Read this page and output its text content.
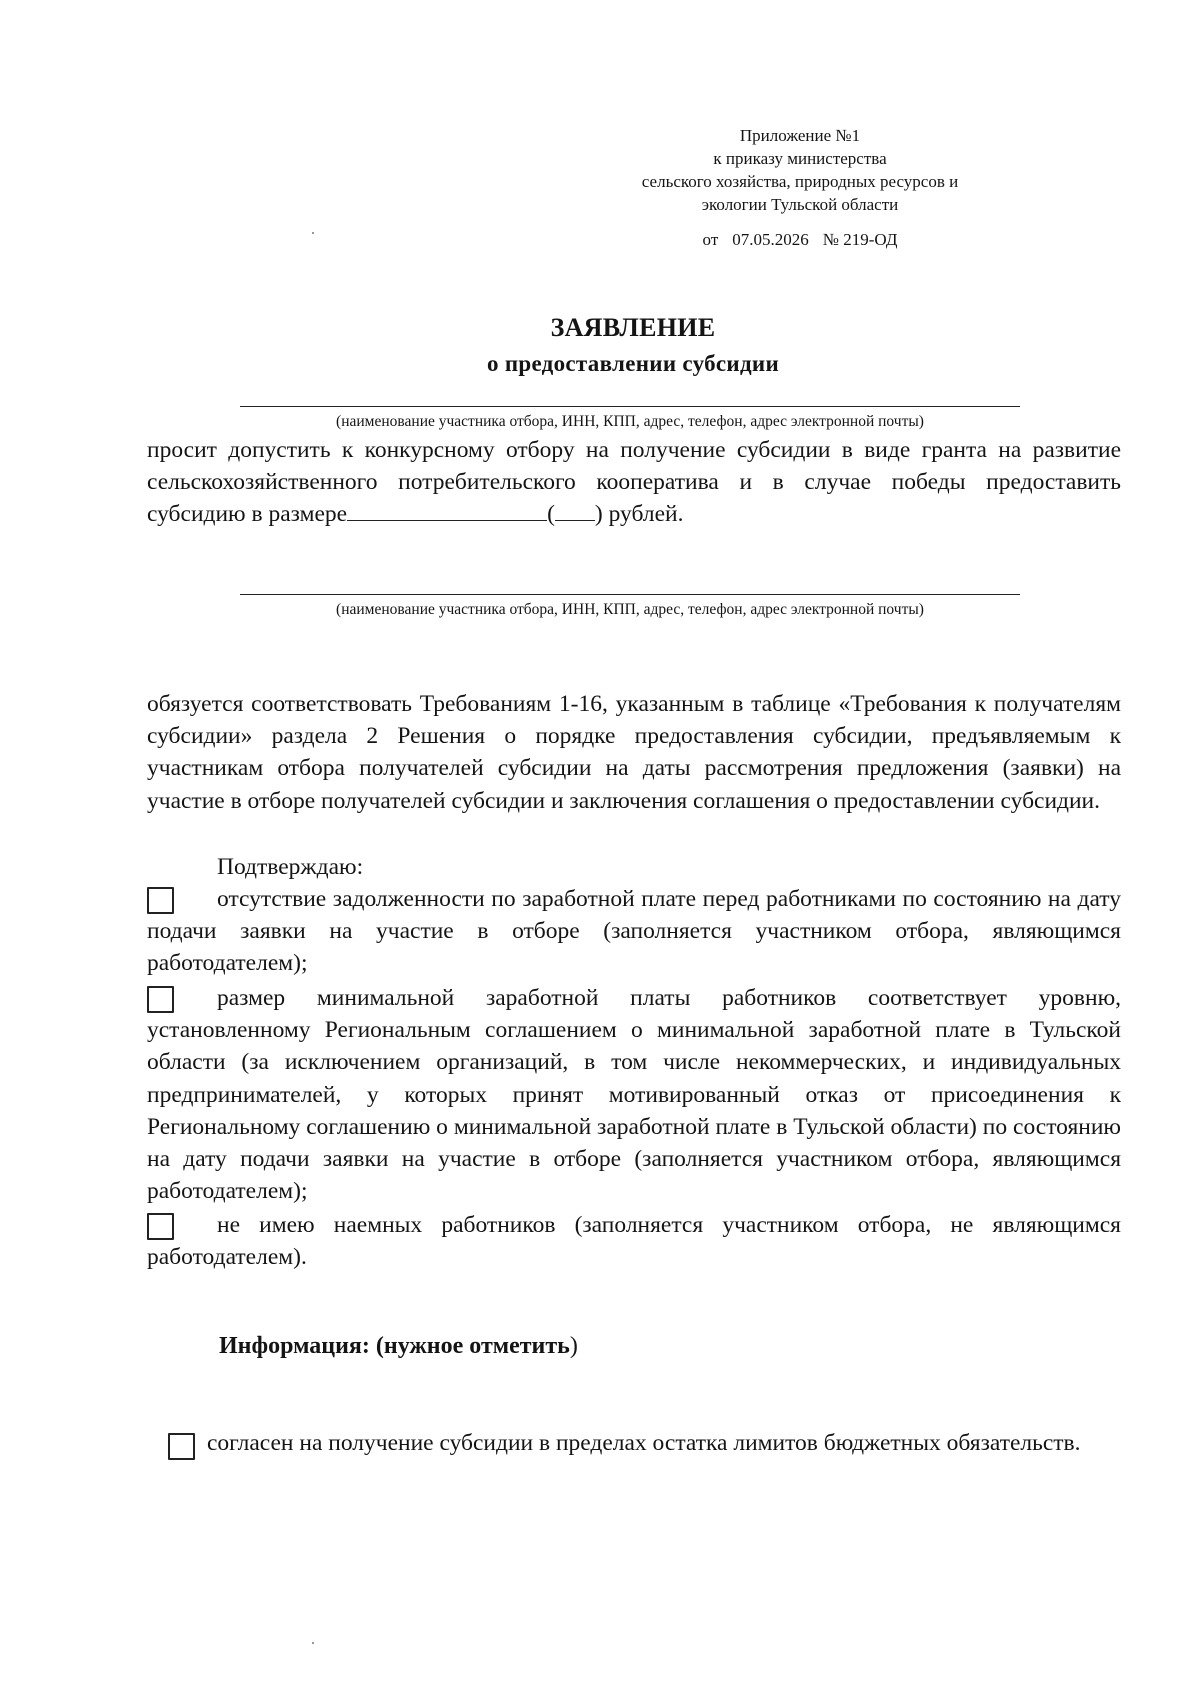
Приложение №1
к приказу министерства
сельского хозяйства, природных ресурсов и
экологии Тульской области
от 07.05.2026 № 219-ОД
ЗАЯВЛЕНИЕ
о предоставлении субсидии
(наименование участника отбора, ИНН, КПП, адрес, телефон, адрес электронной почты)

просит допустить к конкурсному отбору на получение субсидии в виде гранта на развитие сельскохозяйственного потребительского кооператива и в случае победы предоставить субсидию в размере	( ) рублей.

(наименование участника отбора, ИНН, КПП, адрес, телефон, адрес электронной почты)

обязуется соответствовать Требованиям 1-16, указанным в таблице «Требования к получателям субсидии» раздела 2 Решения о порядке предоставления субсидии, предъявляемым к участникам отбора получателей субсидии на даты рассмотрения предложения (заявки) на участие в отборе получателей субсидии и заключения соглашения о предоставлении субсидии.

Подтверждаю:

отсутствие задолженности по заработной плате перед работниками по состоянию на дату подачи заявки на участие в отборе (заполняется участником отбора, являющимся работодателем);

размер минимальной заработной платы работников соответствует уровню, установленному Региональным соглашением о минимальной заработной плате в Тульской области (за исключением организаций, в том числе некоммерческих, и индивидуальных предпринимателей, у которых принят мотивированный отказ от присоединения к Региональному соглашению о минимальной заработной плате в Тульской области) по состоянию на дату подачи заявки на участие в отборе (заполняется участником отбора, являющимся работодателем);

не имею наемных работников (заполняется участником отбора, не являющимся работодателем).

Информация: (нужное отметить)

согласен на получение субсидии в пределах остатка лимитов бюджетных обязательств.
